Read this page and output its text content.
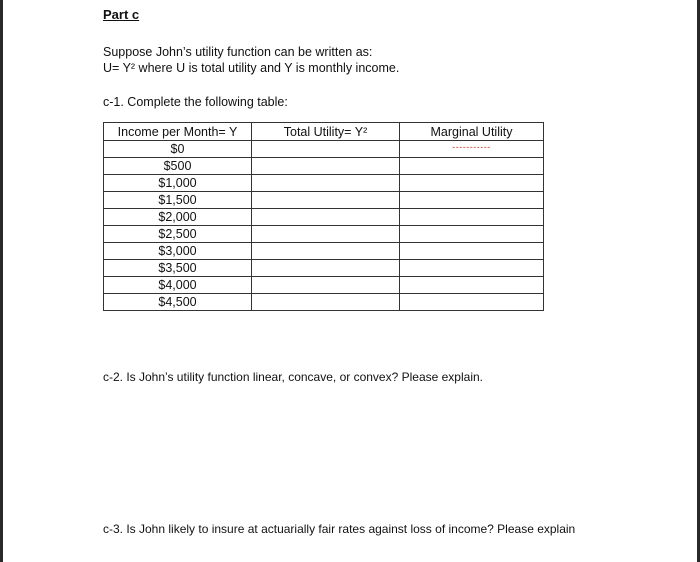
Part c
Suppose John’s utility function can be written as:
U= Y² where U is total utility and Y is monthly income.
c-1. Complete the following table:
Income per Month= Y	Total Utility= Y²	Marginal Utility
$0		-----------
$500		
$1,000		
$1,500		
$2,000		
$2,500		
$3,000		
$3,500		
$4,000		
$4,500		
c-2. Is John’s utility function linear, concave, or convex? Please explain.
c-3. Is John likely to insure at actuarially fair rates against loss of income? Please explain
